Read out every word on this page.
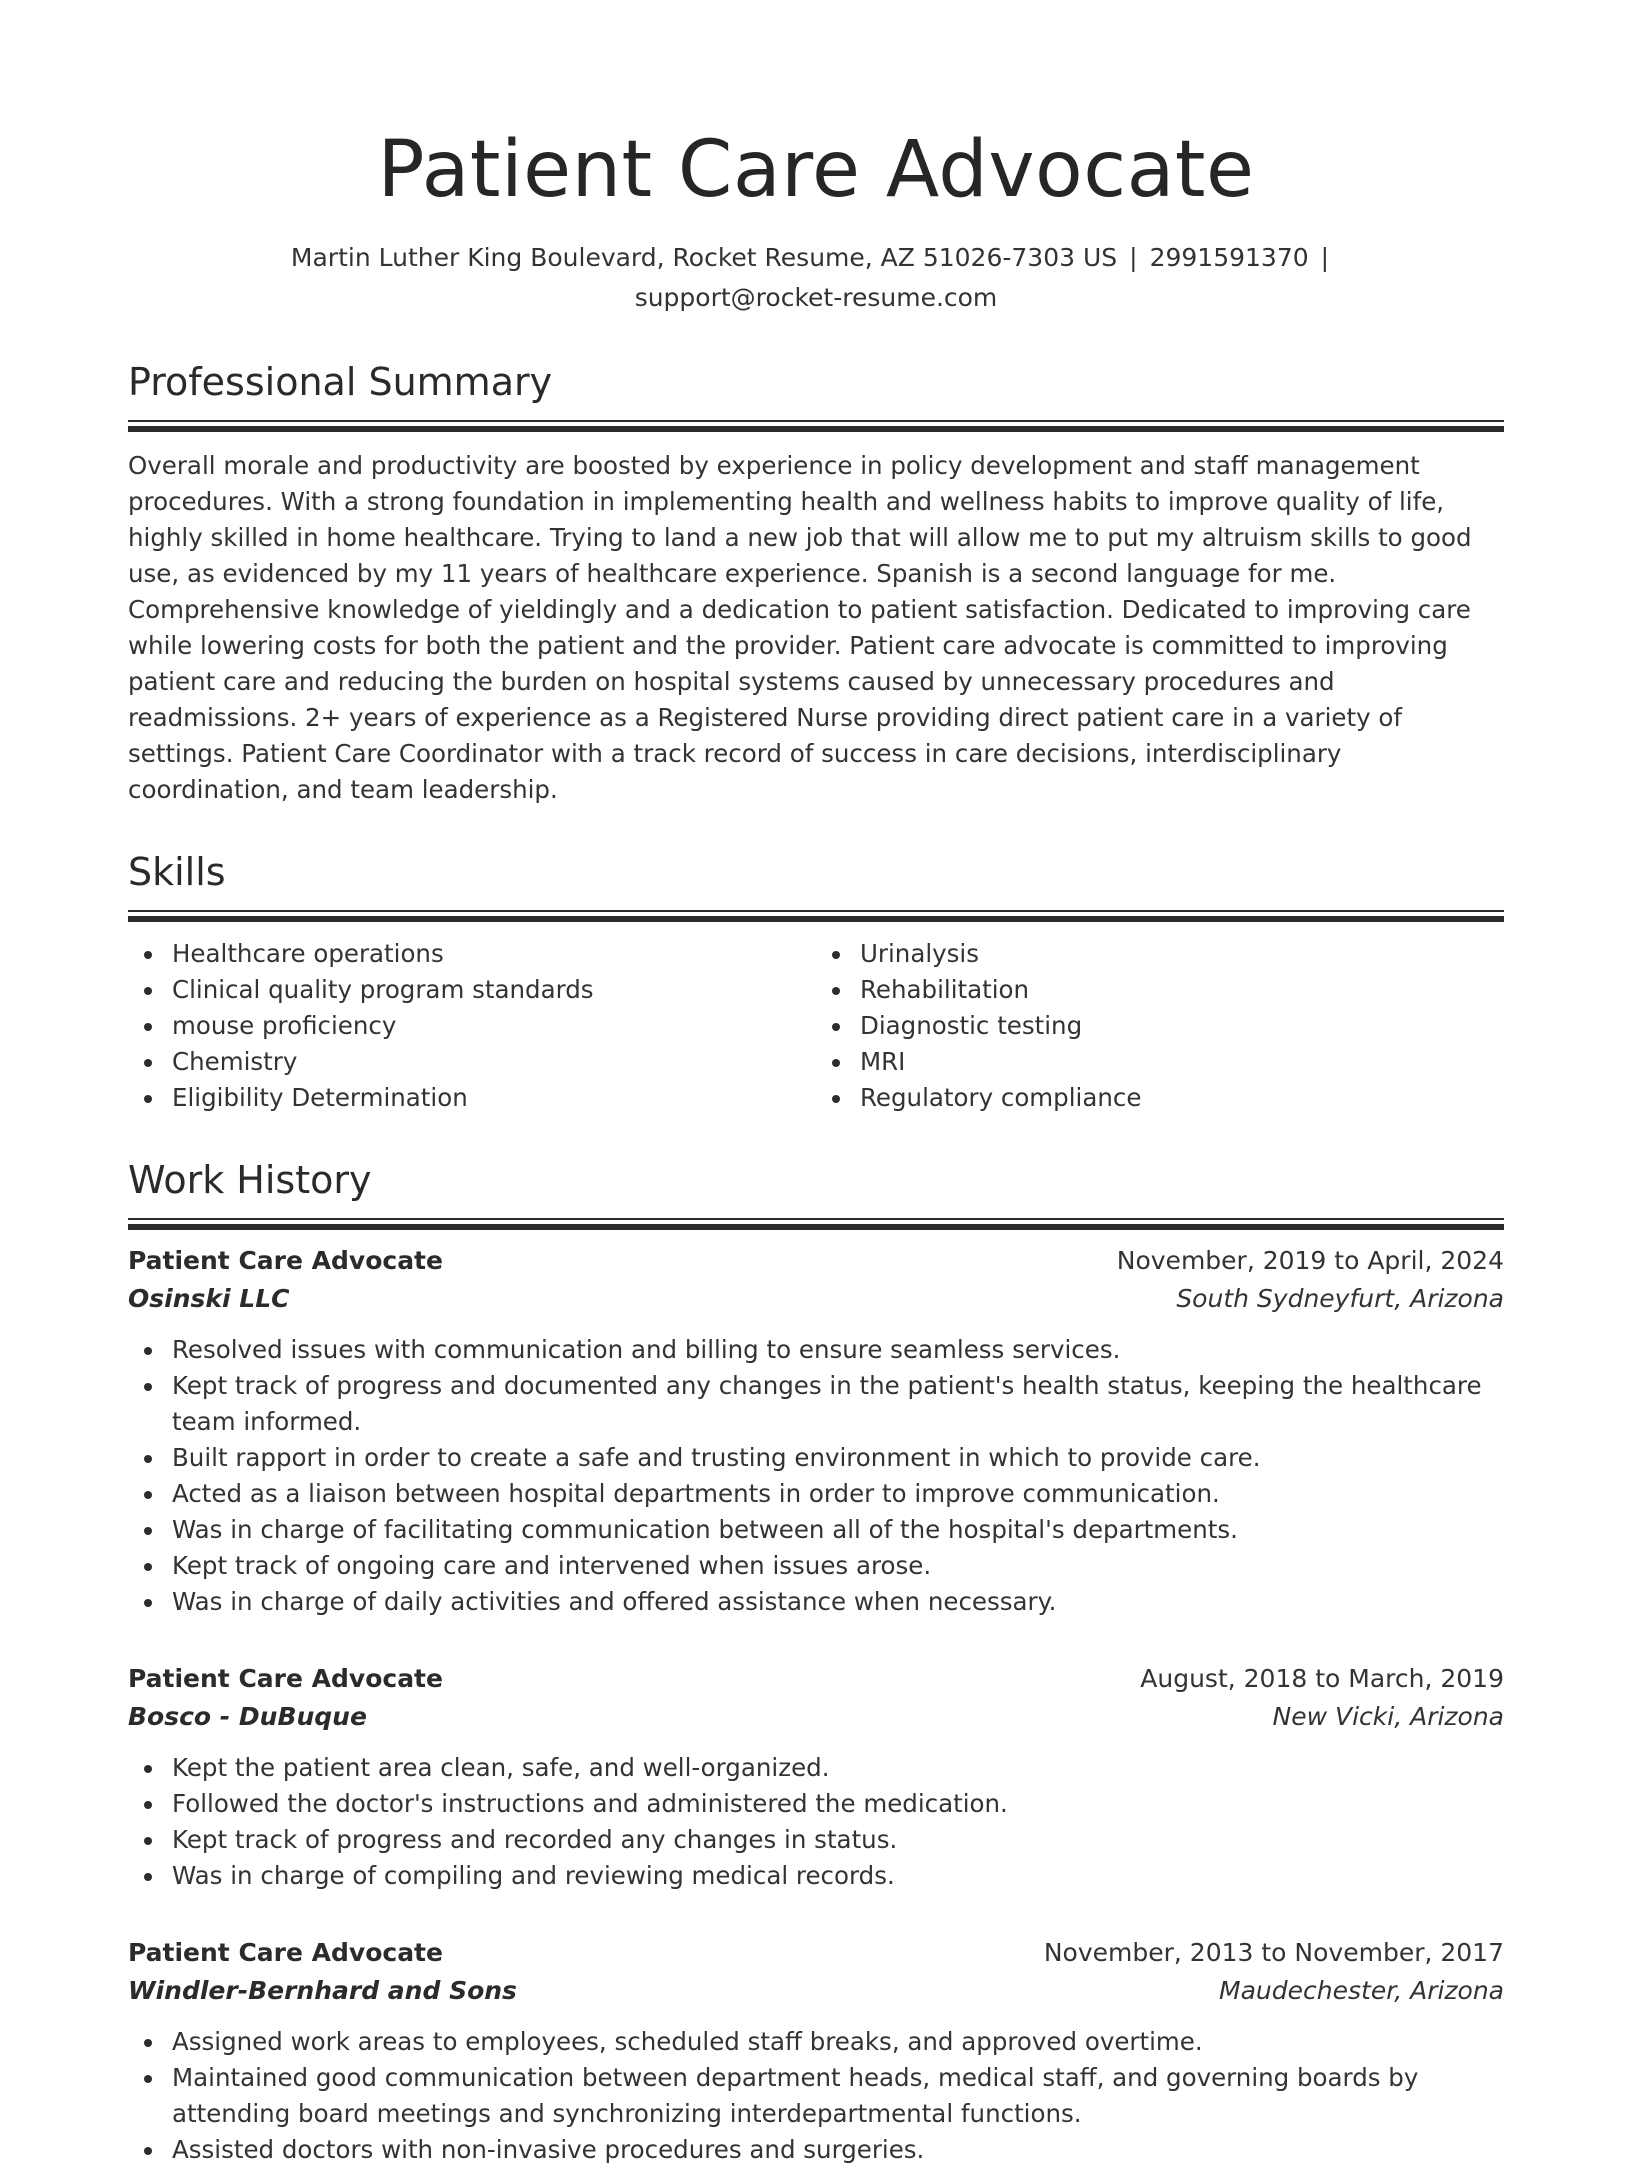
Patient Care Advocate
Martin Luther King Boulevard, Rocket Resume, AZ 51026-7303 US | 2991591370 |
support@rocket-resume.com
Professional Summary

Overall morale and productivity are boosted by experience in policy development and staff management procedures. With a strong foundation in implementing health and wellness habits to improve quality of life, highly skilled in home healthcare. Trying to land a new job that will allow me to put my altruism skills to good use, as evidenced by my 11 years of healthcare experience. Spanish is a second language for me. Comprehensive knowledge of yieldingly and a dedication to patient satisfaction. Dedicated to improving care while lowering costs for both the patient and the provider. Patient care advocate is committed to improving patient care and reducing the burden on hospital systems caused by unnecessary procedures and readmissions. 2+ years of experience as a Registered Nurse providing direct patient care in a variety of settings. Patient Care Coordinator with a track record of success in care decisions, interdisciplinary coordination, and team leadership.

Skills
Healthcare operations
Clinical quality program standards
mouse proficiency
Chemistry
Eligibility Determination
Urinalysis
Rehabilitation
Diagnostic testing
MRI
Regulatory compliance
Work History
Patient Care Advocate	November, 2019 to April, 2024
Osinski LLC	South Sydneyfurt, Arizona
Resolved issues with communication and billing to ensure seamless services.
Kept track of progress and documented any changes in the patient's health status, keeping the healthcare team informed.
Built rapport in order to create a safe and trusting environment in which to provide care.
Acted as a liaison between hospital departments in order to improve communication.
Was in charge of facilitating communication between all of the hospital's departments.
Kept track of ongoing care and intervened when issues arose.
Was in charge of daily activities and offered assistance when necessary.
Patient Care Advocate	August, 2018 to March, 2019
Bosco - DuBuque	New Vicki, Arizona
Kept the patient area clean, safe, and well-organized.
Followed the doctor's instructions and administered the medication.
Kept track of progress and recorded any changes in status.
Was in charge of compiling and reviewing medical records.
Patient Care Advocate	November, 2013 to November, 2017
Windler-Bernhard and Sons	Maudechester, Arizona
Assigned work areas to employees, scheduled staff breaks, and approved overtime.
Maintained good communication between department heads, medical staff, and governing boards by attending board meetings and synchronizing interdepartmental functions.
Assisted doctors with non-invasive procedures and surgeries.
